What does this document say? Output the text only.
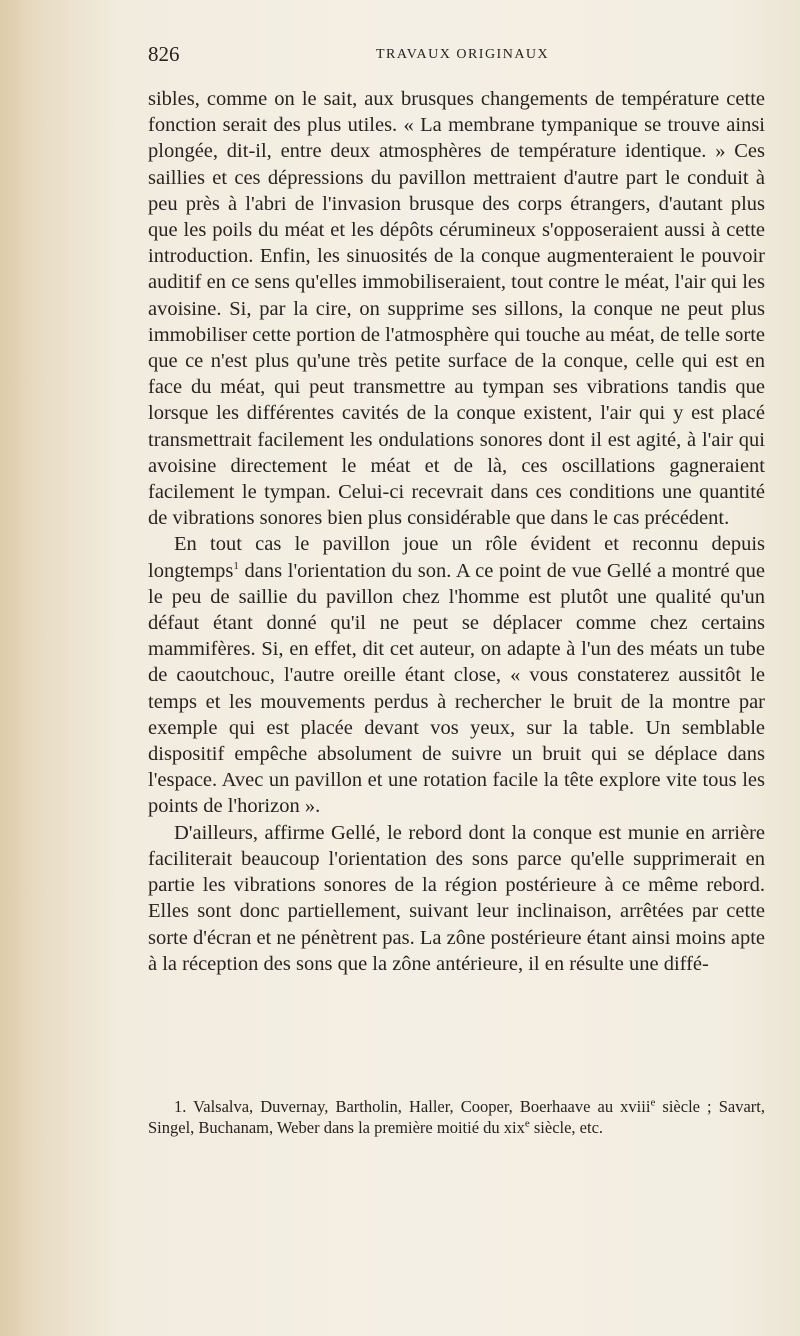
826	TRAVAUX ORIGINAUX

sibles, comme on le sait, aux brusques changements de température cette fonction serait des plus utiles. « La membrane tympanique se trouve ainsi plongée, dit-il, entre deux atmosphères de température identique. » Ces saillies et ces dépressions du pavillon mettraient d'autre part le conduit à peu près à l'abri de l'invasion brusque des corps étrangers, d'autant plus que les poils du méat et les dépôts cérumineux s'opposeraient aussi à cette introduction. Enfin, les sinuosités de la conque augmenteraient le pouvoir auditif en ce sens qu'elles immobiliseraient, tout contre le méat, l'air qui les avoisine. Si, par la cire, on supprime ses sillons, la conque ne peut plus immobiliser cette portion de l'atmosphère qui touche au méat, de telle sorte que ce n'est plus qu'une très petite surface de la conque, celle qui est en face du méat, qui peut transmettre au tympan ses vibrations tandis que lorsque les différentes cavités de la conque existent, l'air qui y est placé transmettrait facilement les ondulations sonores dont il est agité, à l'air qui avoisine directement le méat et de là, ces oscillations gagneraient facilement le tympan. Celui-ci recevrait dans ces conditions une quantité de vibrations sonores bien plus considérable que dans le cas précédent.

En tout cas le pavillon joue un rôle évident et reconnu depuis longtemps$^1$ dans l'orientation du son. A ce point de vue Gellé a montré que le peu de saillie du pavillon chez l'homme est plutôt une qualité qu'un défaut étant donné qu'il ne peut se déplacer comme chez certains mammifères. Si, en effet, dit cet auteur, on adapte à l'un des méats un tube de caoutchouc, l'autre oreille étant close, « vous constaterez aussitôt le temps et les mouvements perdus à rechercher le bruit de la montre par exemple qui est placée devant vos yeux, sur la table. Un semblable dispositif empêche absolument de suivre un bruit qui se déplace dans l'espace. Avec un pavillon et une rotation facile la tête explore vite tous les points de l'horizon ».

D'ailleurs, affirme Gellé, le rebord dont la conque est munie en arrière faciliterait beaucoup l'orientation des sons parce qu'elle supprimerait en partie les vibrations sonores de la région postérieure à ce même rebord. Elles sont donc partiellement, suivant leur inclinaison, arrêtées par cette sorte d'écran et ne pénètrent pas. La zône postérieure étant ainsi moins apte à la réception des sons que la zône antérieure, il en résulte une diffé-

1. Valsalva, Duvernay, Bartholin, Haller, Cooper, Boerhaave au xviii$^e$ siècle ; Savart, Singel, Buchanam, Weber dans la première moitié du xix$^e$ siècle, etc.
